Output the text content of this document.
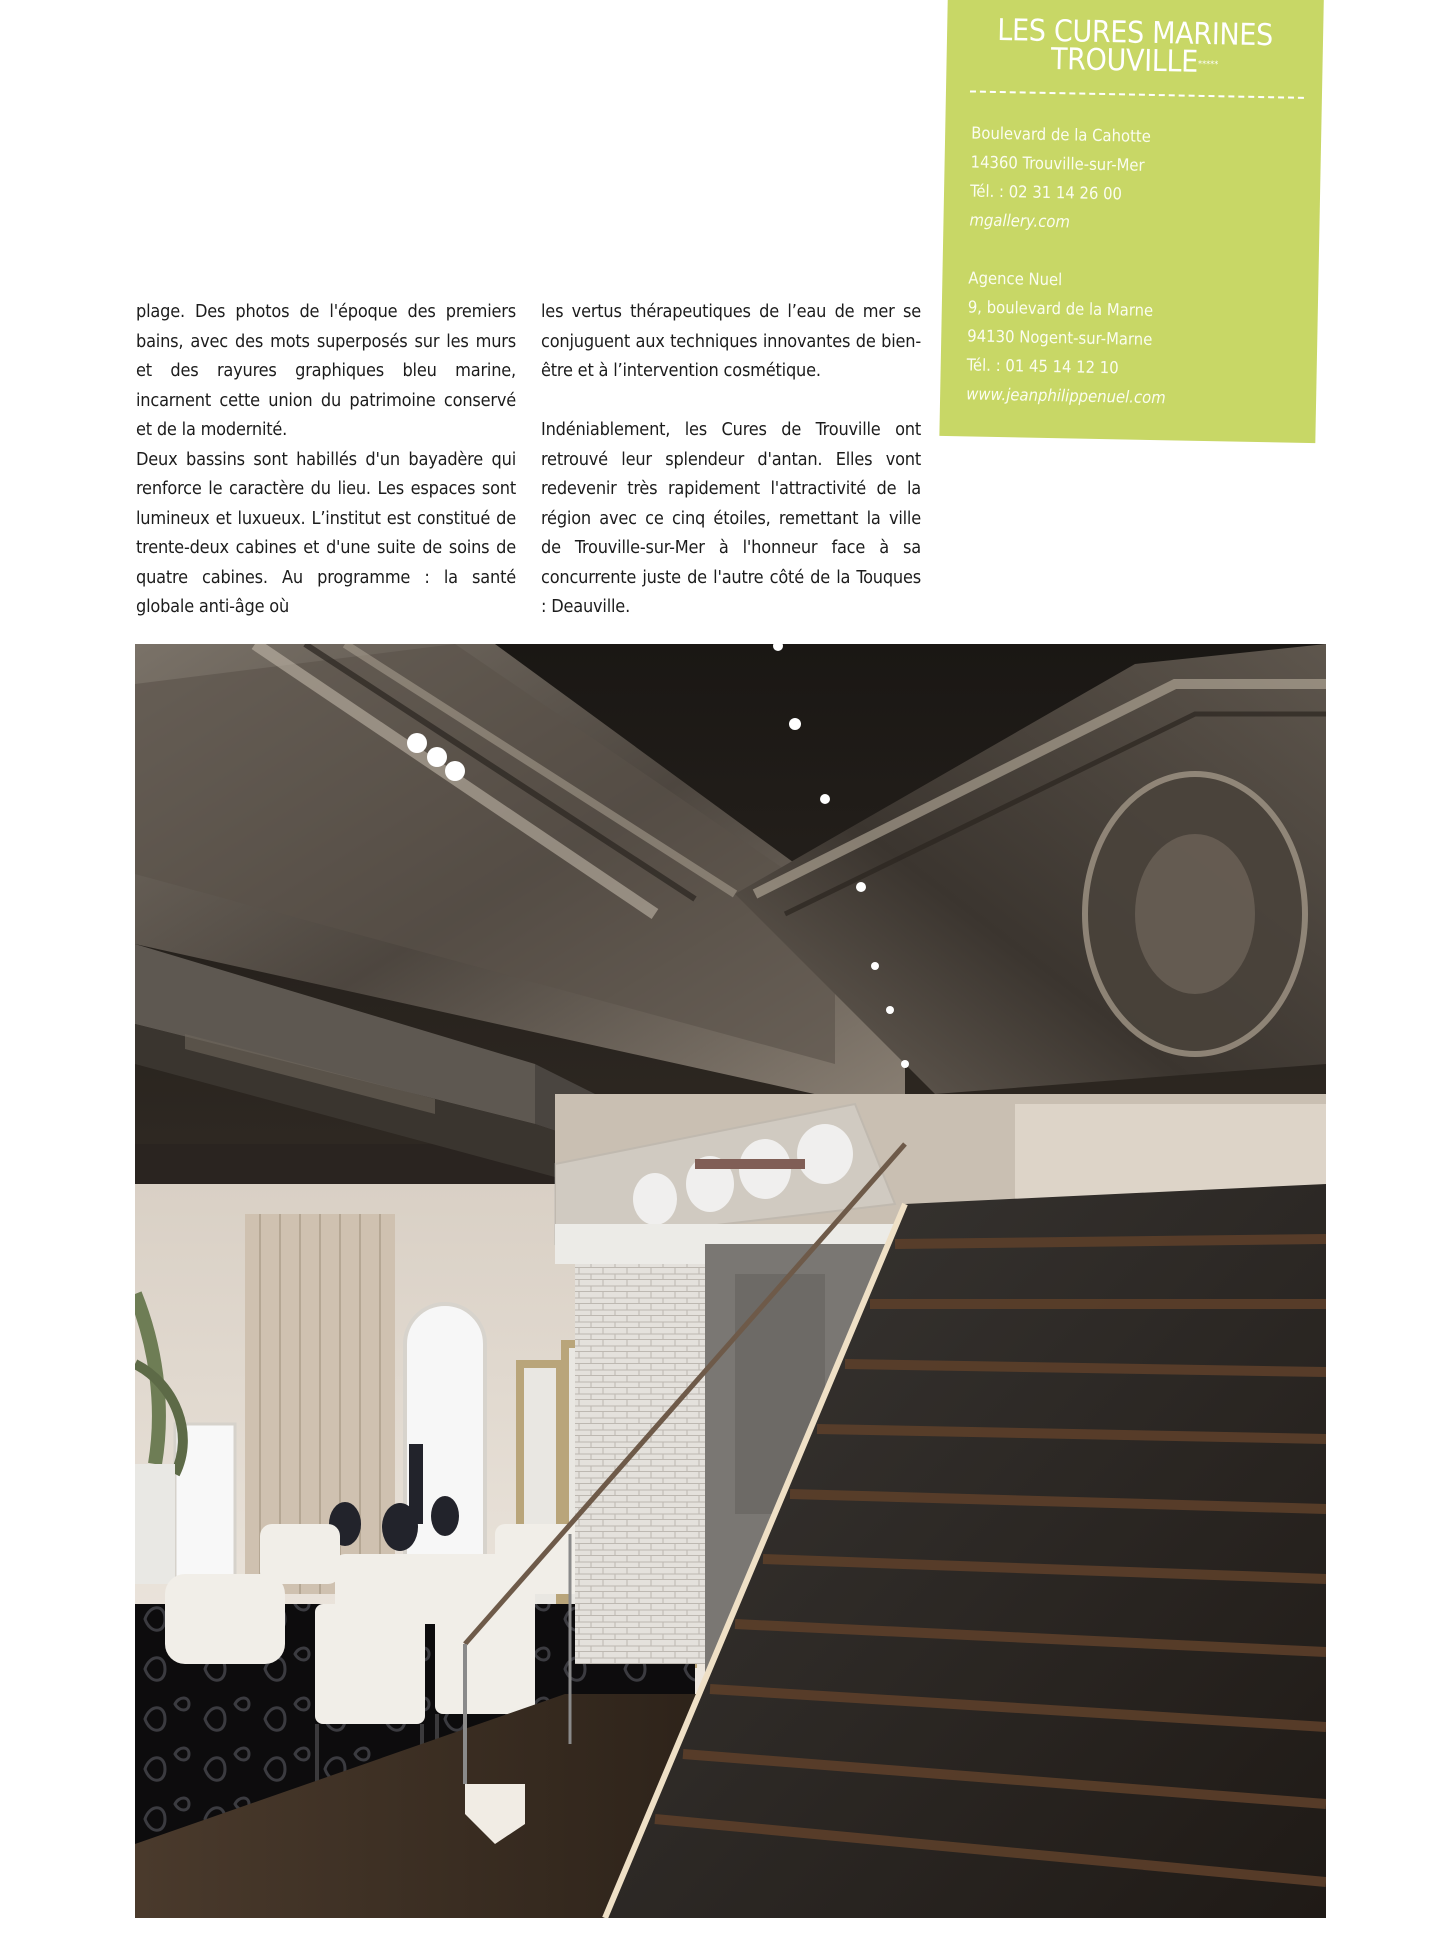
plage. Des photos de l'époque des premiers bains, avec des mots superposés sur les murs et des rayures graphiques bleu marine, incarnent cette union du patrimoine conservé et de la modernité.

Deux bassins sont habillés d'un bayadère qui renforce le caractère du lieu. Les espaces sont lumineux et luxueux. L’institut est constitué de trente-deux cabines et d'une suite de soins de quatre cabines. Au programme : la santé globale anti-âge où

les vertus thérapeutiques de l’eau de mer se conjuguent aux techniques innovantes de bien-être et à l’intervention cosmétique.

Indéniablement, les Cures de Trouville ont retrouvé leur splendeur d'antan. Elles vont redevenir très rapidement l'attractivité de la région avec ce cinq étoiles, remettant la ville de Trouville-sur-Mer à l'honneur face à sa concurrente juste de l'autre côté de la Touques : Deauville.

LES CURES MARINES
TROUVILLE*****
Boulevard de la Cahotte
14360 Trouville-sur-Mer
Tél. : 02 31 14 26 00
mgallery.com
Agence Nuel
9, boulevard de la Marne
94130 Nogent-sur-Marne
Tél. : 01 45 14 12 10
www.jeanphilippenuel.com
